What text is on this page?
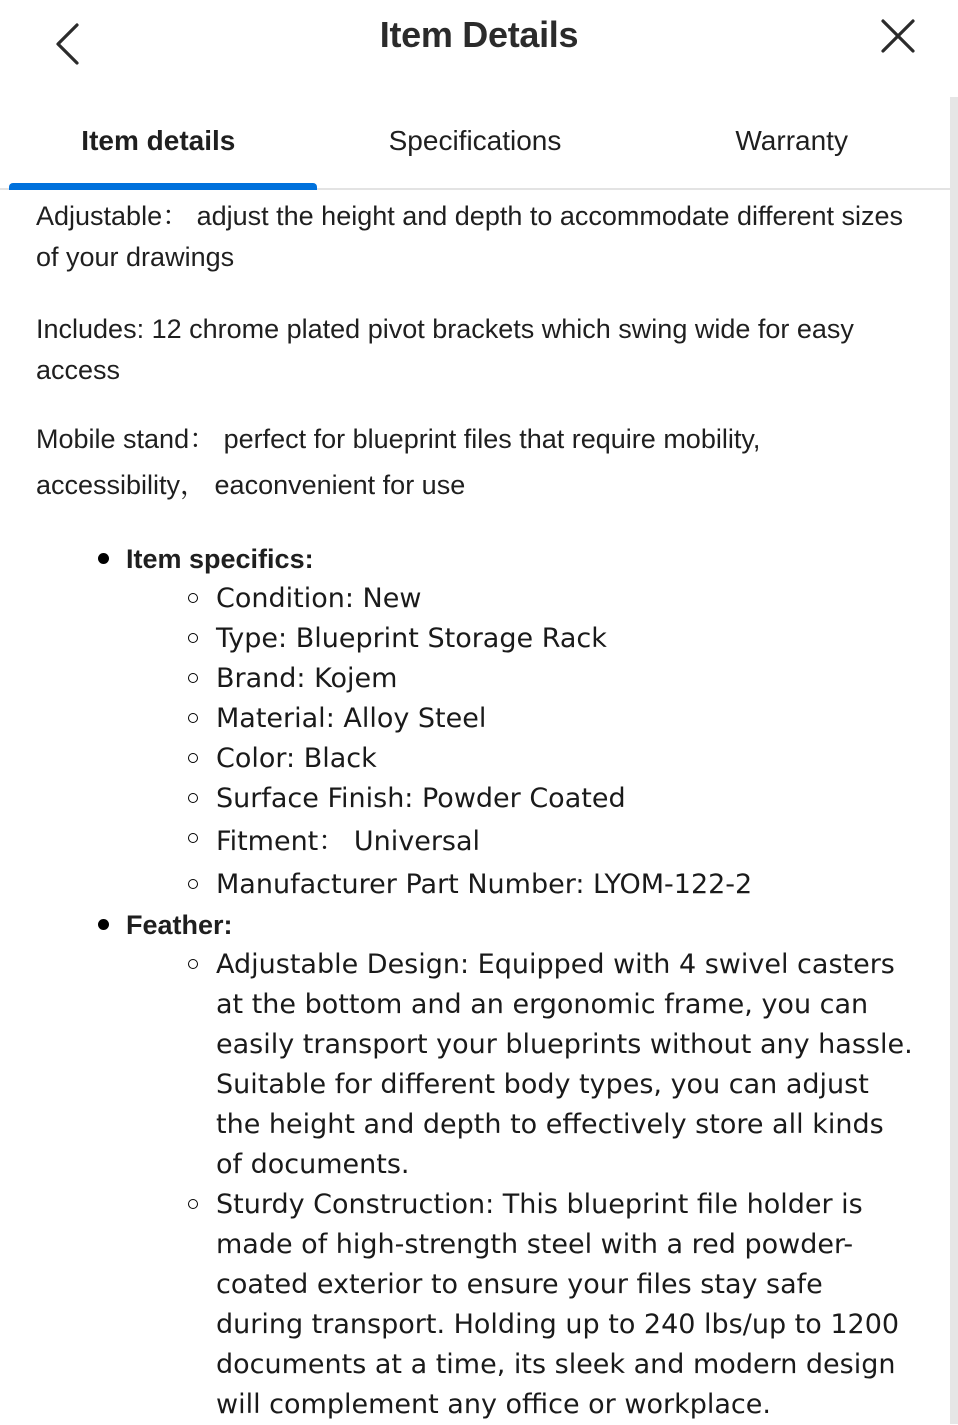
Item Details
Item details	Specifications	Warranty

Adjustable： adjust the height and depth to accommodate different sizes of your drawings

Includes: 12 chrome plated pivot brackets which swing wide for easy access

Mobile stand： perfect for blueprint files that require mobility, accessibility， eaconvenient for use

Item specifics:
Condition: New
Type: Blueprint Storage Rack
Brand: Kojem
Material: Alloy Steel
Color: Black
Surface Finish: Powder Coated
Fitment： Universal
Manufacturer Part Number: LYOM-122-2
Feather:
Adjustable Design: Equipped with 4 swivel casters at the bottom and an ergonomic frame, you can easily transport your blueprints without any hassle. Suitable for different body types, you can adjust the height and depth to effectively store all kinds of documents.
Sturdy Construction: This blueprint file holder is made of high-strength steel with a red powder-coated exterior to ensure your files stay safe during transport. Holding up to 240 lbs/up to 1200 documents at a time, its sleek and modern design will complement any office or workplace.
